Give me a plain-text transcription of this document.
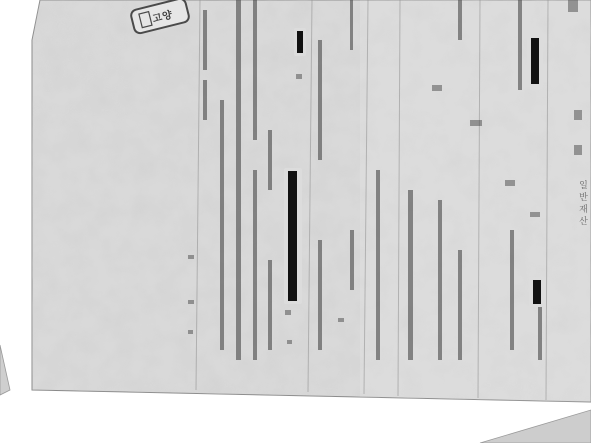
고양
일반재산
